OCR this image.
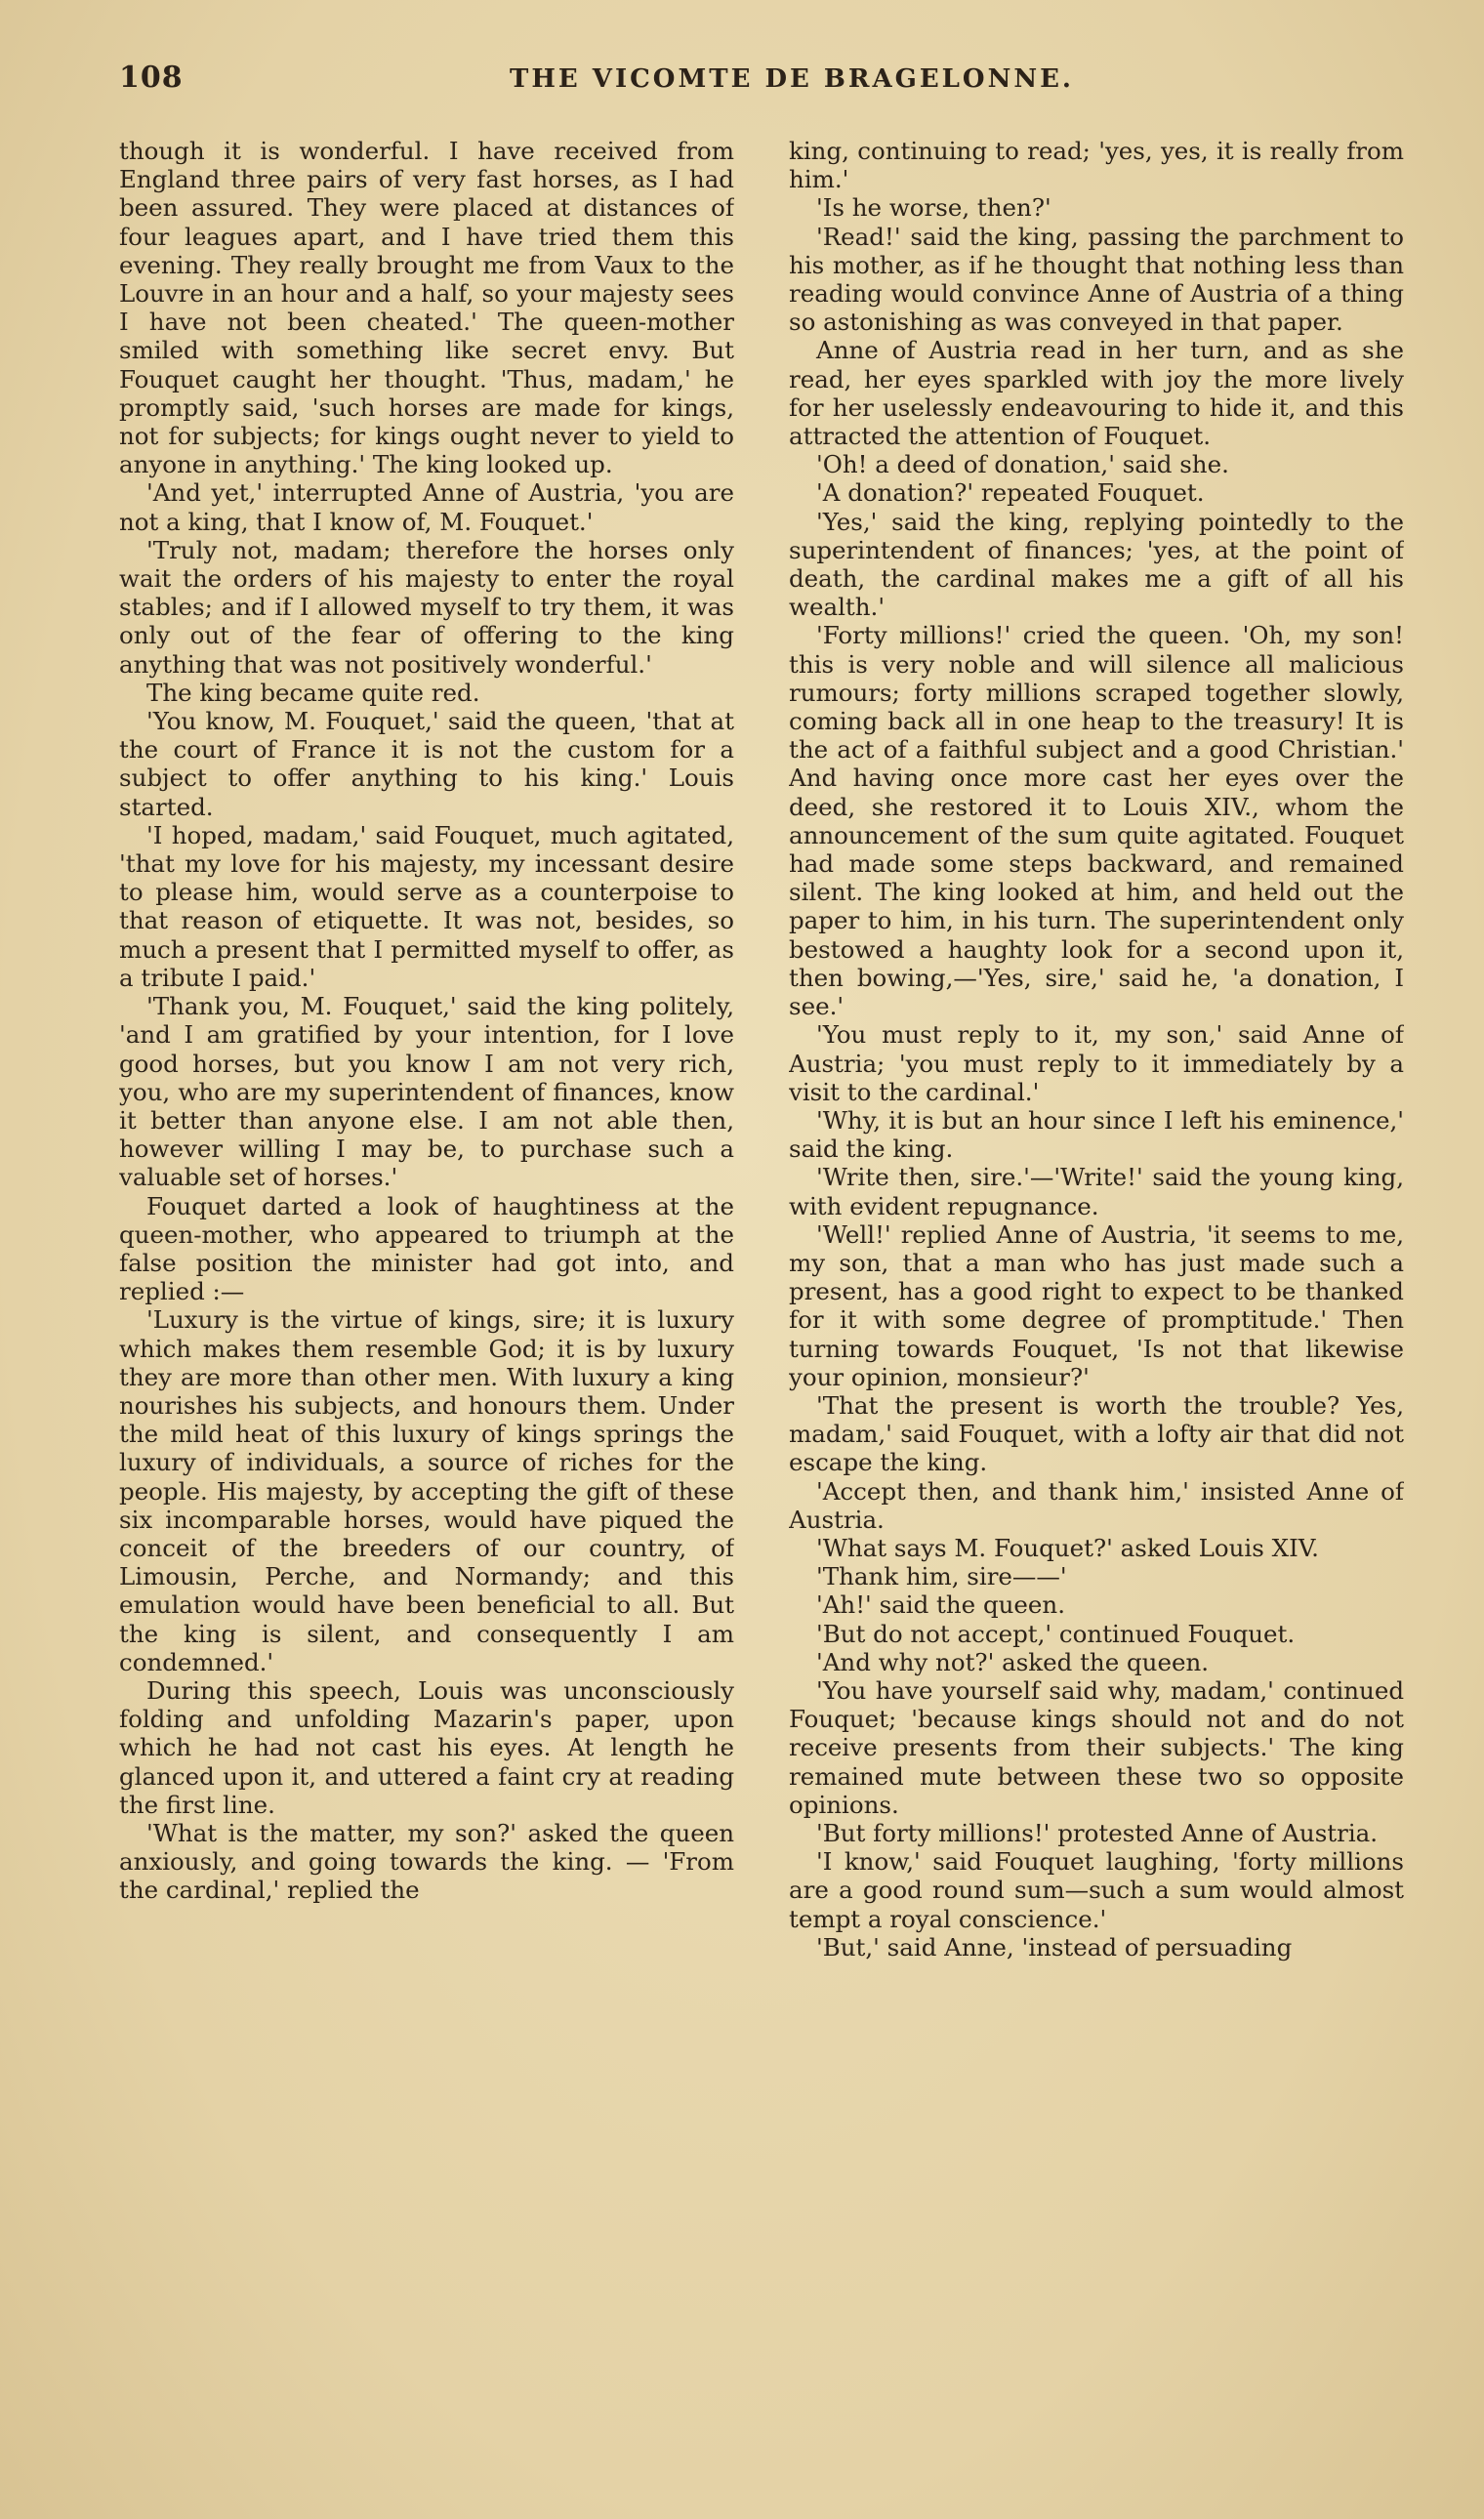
108	THE VICOMTE DE BRAGELONNE.

though it is wonderful. I have received from England three pairs of very fast horses, as I had been assured. They were placed at distances of four leagues apart, and I have tried them this evening. They really brought me from Vaux to the Louvre in an hour and a half, so your majesty sees I have not been cheated.' The queen-mother smiled with something like secret envy. But Fouquet caught her thought. 'Thus, madam,' he promptly said, 'such horses are made for kings, not for subjects; for kings ought never to yield to anyone in anything.' The king looked up.

'And yet,' interrupted Anne of Austria, 'you are not a king, that I know of, M. Fouquet.'

'Truly not, madam; therefore the horses only wait the orders of his majesty to enter the royal stables; and if I allowed myself to try them, it was only out of the fear of offering to the king anything that was not positively wonderful.'

The king became quite red.

'You know, M. Fouquet,' said the queen, 'that at the court of France it is not the custom for a subject to offer anything to his king.' Louis started.

'I hoped, madam,' said Fouquet, much agitated, 'that my love for his majesty, my incessant desire to please him, would serve as a counterpoise to that reason of etiquette. It was not, besides, so much a present that I permitted myself to offer, as a tribute I paid.'

'Thank you, M. Fouquet,' said the king politely, 'and I am gratified by your intention, for I love good horses, but you know I am not very rich, you, who are my superintendent of finances, know it better than anyone else. I am not able then, however willing I may be, to purchase such a valuable set of horses.'

Fouquet darted a look of haughtiness at the queen-mother, who appeared to triumph at the false position the minister had got into, and replied :—

'Luxury is the virtue of kings, sire; it is luxury which makes them resemble God; it is by luxury they are more than other men. With luxury a king nourishes his subjects, and honours them. Under the mild heat of this luxury of kings springs the luxury of individuals, a source of riches for the people. His majesty, by accepting the gift of these six incomparable horses, would have piqued the conceit of the breeders of our country, of Limousin, Perche, and Normandy; and this emulation would have been beneficial to all. But the king is silent, and consequently I am condemned.'

During this speech, Louis was unconsciously folding and unfolding Mazarin's paper, upon which he had not cast his eyes. At length he glanced upon it, and uttered a faint cry at reading the first line.

'What is the matter, my son?' asked the queen anxiously, and going towards the king. — 'From the cardinal,' replied the

king, continuing to read; 'yes, yes, it is really from him.'

'Is he worse, then?'

'Read!' said the king, passing the parchment to his mother, as if he thought that nothing less than reading would convince Anne of Austria of a thing so astonishing as was conveyed in that paper.

Anne of Austria read in her turn, and as she read, her eyes sparkled with joy the more lively for her uselessly endeavouring to hide it, and this attracted the attention of Fouquet.

'Oh! a deed of donation,' said she.

'A donation?' repeated Fouquet.

'Yes,' said the king, replying pointedly to the superintendent of finances; 'yes, at the point of death, the cardinal makes me a gift of all his wealth.'

'Forty millions!' cried the queen. 'Oh, my son! this is very noble and will silence all malicious rumours; forty millions scraped together slowly, coming back all in one heap to the treasury! It is the act of a faithful subject and a good Christian.' And having once more cast her eyes over the deed, she restored it to Louis XIV., whom the announcement of the sum quite agitated. Fouquet had made some steps backward, and remained silent. The king looked at him, and held out the paper to him, in his turn. The superintendent only bestowed a haughty look for a second upon it, then bowing,—'Yes, sire,' said he, 'a donation, I see.'

'You must reply to it, my son,' said Anne of Austria; 'you must reply to it immediately by a visit to the cardinal.'

'Why, it is but an hour since I left his eminence,' said the king.

'Write then, sire.'—'Write!' said the young king, with evident repugnance.

'Well!' replied Anne of Austria, 'it seems to me, my son, that a man who has just made such a present, has a good right to expect to be thanked for it with some degree of promptitude.' Then turning towards Fouquet, 'Is not that likewise your opinion, monsieur?'

'That the present is worth the trouble? Yes, madam,' said Fouquet, with a lofty air that did not escape the king.

'Accept then, and thank him,' insisted Anne of Austria.

'What says M. Fouquet?' asked Louis XIV.

'Thank him, sire——'

'Ah!' said the queen.

'But do not accept,' continued Fouquet.

'And why not?' asked the queen.

'You have yourself said why, madam,' continued Fouquet; 'because kings should not and do not receive presents from their subjects.' The king remained mute between these two so opposite opinions.

'But forty millions!' protested Anne of Austria.

'I know,' said Fouquet laughing, 'forty millions are a good round sum—such a sum would almost tempt a royal conscience.'

'But,' said Anne, 'instead of persuading
